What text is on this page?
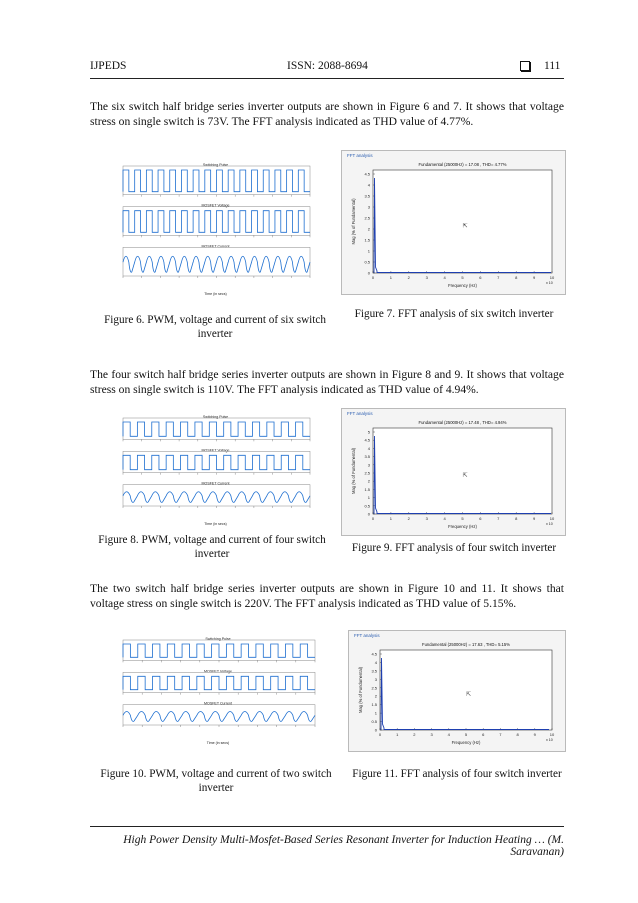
IJPEDS	ISSN: 2088-8694	111
The six switch half bridge series inverter outputs are shown in Figure 6 and 7. It shows that voltage stress on single switch is 73V. The FFT analysis indicated as THD value of 4.77%.
Switching Pulse
MOSFET Voltage
MOSFET Current
Time (in secs)
Figure 6. PWM, voltage and current of six switch inverter
FFT analysis
Fundamental (25000Hz) = 17.08 , THD= 4.77%
0	1	2	3	4	5	6	7	8	9	10
x 10
0
0.5
1
1.5
2
2.5
3
3.5
4
4.5
Frequency (Hz)
Mag (% of Fundamental)	⇱
Figure 7. FFT analysis of six switch inverter
The four switch half bridge series inverter outputs are shown in Figure 8 and 9. It shows that voltage stress on single switch is 110V. The FFT analysis indicated as THD value of 4.94%.
Switching Pulse
MOSFET Voltage
MOSFET Current
Time (in secs)
Figure 8. PWM, voltage and current of four switch inverter
FFT analysis
Fundamental (25000Hz) = 17.48 , THD= 4.94%
0	1	2	3	4	5	6	7	8	9	10
x 10
0
0.5
1
1.5
2
2.5
3
3.5
4
4.5
5
Frequency (Hz)
Mag (% of Fundamental)	⇱
Figure 9. FFT analysis of four switch inverter
The two switch half bridge series inverter outputs are shown in Figure 10 and 11. It shows that voltage stress on single switch is 220V. The FFT analysis indicated as THD value of 5.15%.
Switching Pulse
MOSFET Voltage
MOSFET Current
Time (in secs)
Figure 10. PWM, voltage and current of two switch inverter
FFT analysis
Fundamental (25000Hz) = 17.63 , THD= 5.15%
0	1	2	3	4	5	6	7	8	9	10
x 10
0
0.5
1
1.5
2
2.5
3
3.5
4
4.5
Frequency (Hz)
Mag (% of Fundamental)	⇱
Figure 11. FFT analysis of four switch inverter
High Power Density Multi-Mosfet-Based Series Resonant Inverter for Induction Heating … (M. Saravanan)
